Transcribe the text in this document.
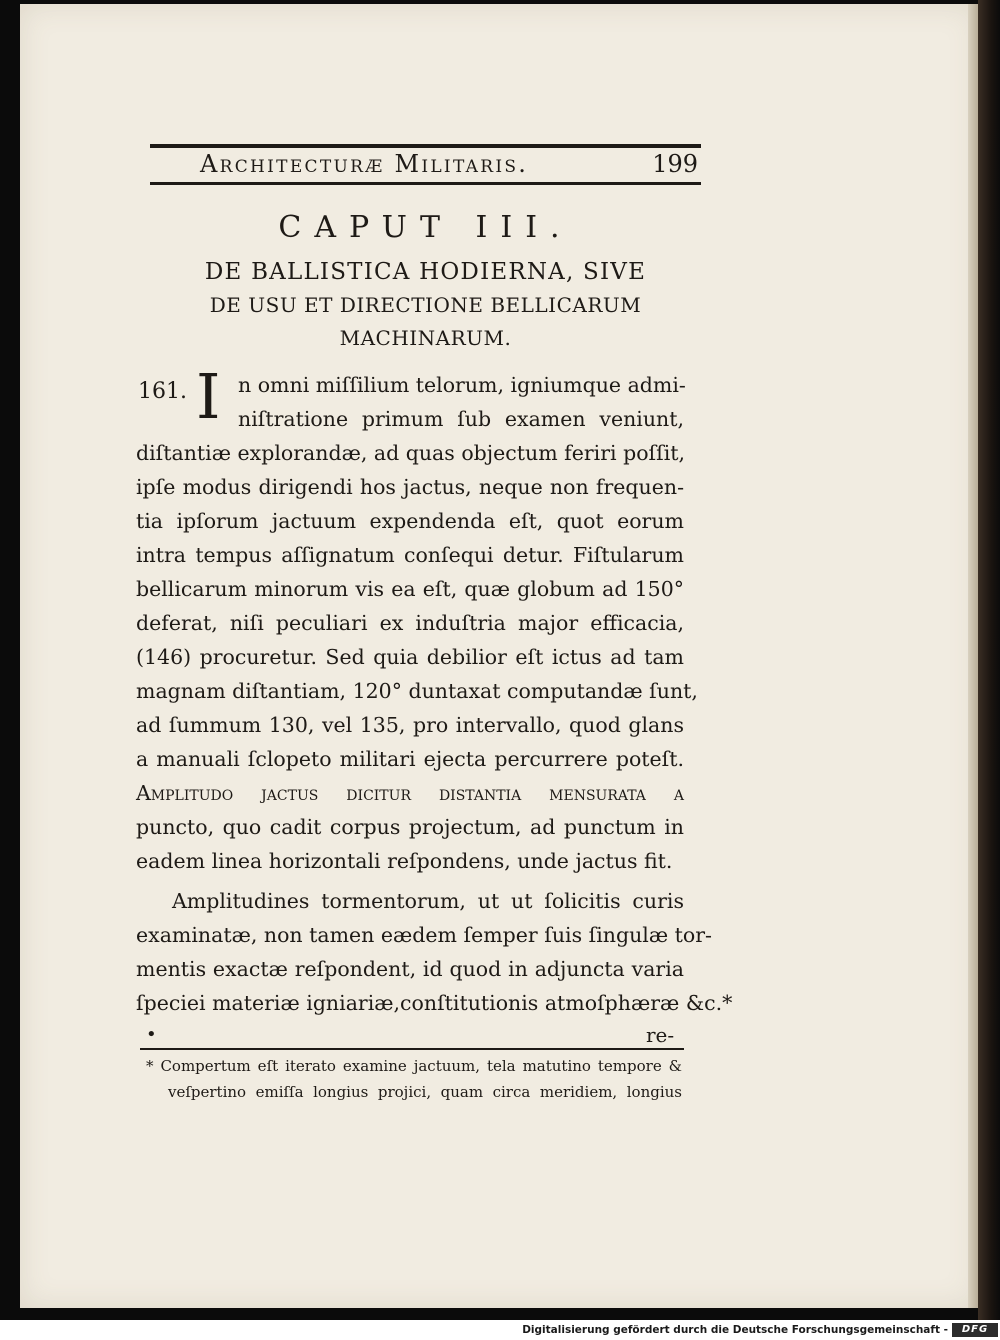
Architecturæ Militaris.	199
CAPUT III.
DE BALLISTICA HODIERNA, SIVE
DE USU ET DIRECTIONE BELLICARUM
MACHINARUM.
161. I n omni miſſilium telorum, igniumque admi-
niſtratione primum ſub examen veniunt,
diſtantiæ explorandæ, ad quas objectum feriri poſſit,
ipſe modus dirigendi hos jactus, neque non frequen-
tia ipſorum jactuum expendenda eſt, quot eorum
intra tempus aſſignatum conſequi detur. Fiſtularum
bellicarum minorum vis ea eſt, quæ globum ad 150°
deferat, niſi peculiari ex induſtria major efficacia,
(146) procuretur. Sed quia debilior eſt ictus ad tam
magnam diſtantiam, 120° duntaxat computandæ ſunt,
ad ſummum 130, vel 135, pro intervallo, quod glans
a manuali ſclopeto militari ejecta percurrere poteſt.
Amplitudo jactus dicitur diſtantia menſurata a
puncto, quo cadit corpus projectum, ad punctum in
eadem linea horizontali reſpondens, unde jactus fit.
Amplitudines tormentorum, ut ut ſolicitis curis
examinatæ, non tamen eædem ſemper ſuis ſingulæ tor-
mentis exactæ reſpondent, id quod in adjuncta varia
ſpeciei materiæ igniariæ,conſtitutionis atmoſphæræ &c.*
•	re-
* Compertum eſt iterato examine jactuum, tela matutino tempore &
veſpertino emiſſa longius projici, quam circa meridiem, longius
Digitalisierung gefördert durch die Deutsche Forschungsgemeinschaft -	DFG
